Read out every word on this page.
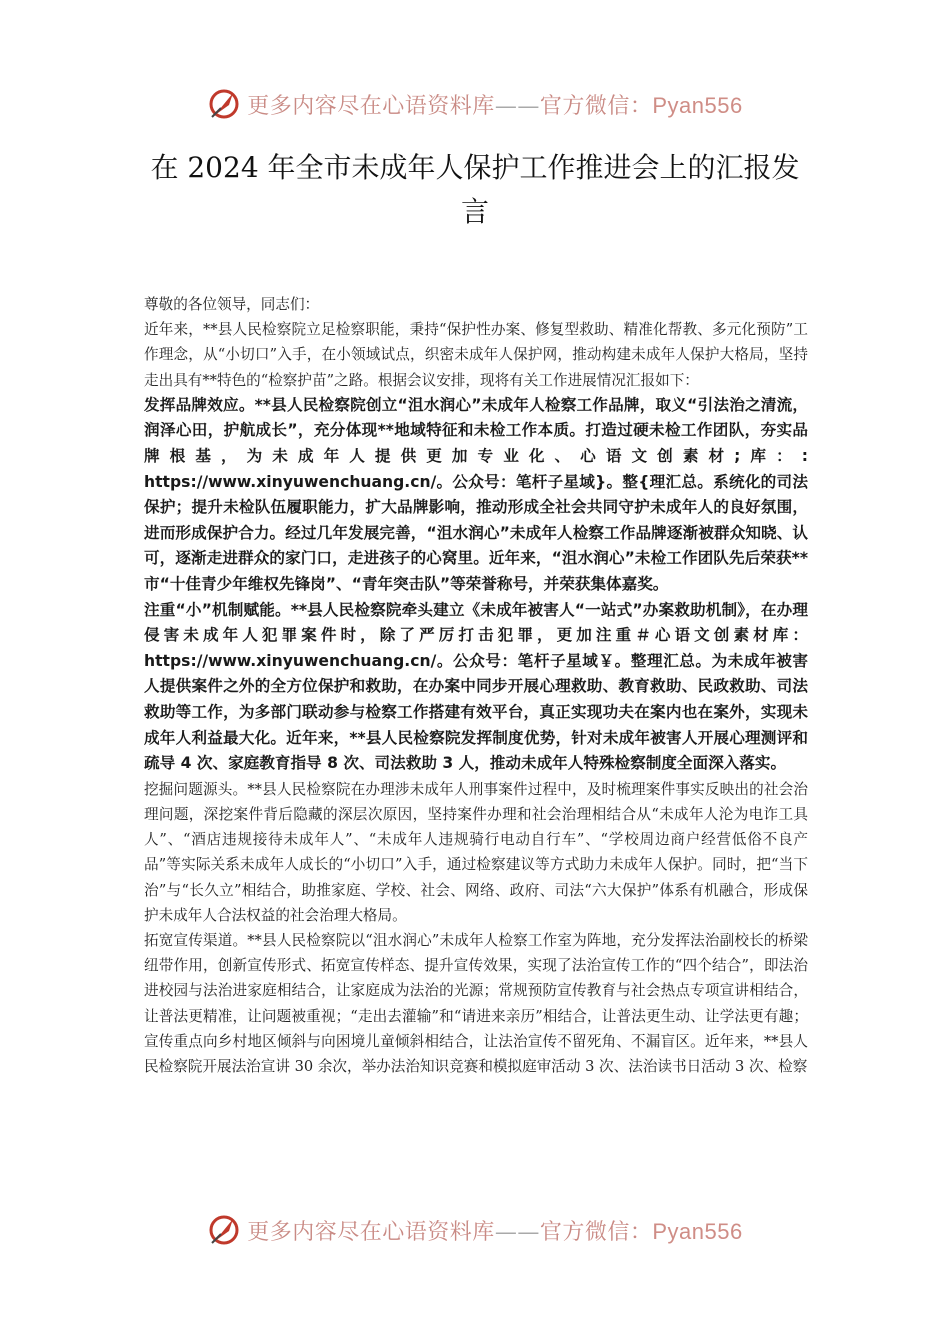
更多内容尽在心语资料库——官方微信：Pyan556
在 2024 年全市未成年人保护工作推进会上的汇报发言

尊敬的各位领导，同志们：

近年来，**县人民检察院立足检察职能，秉持“保护性办案、修复型救助、精准化帮教、多元化预防”工作理念，从“小切口”入手，在小领域试点，织密未成年人保护网，推动构建未成年人保护大格局，坚持走出具有**特色的“检察护苗”之路。根据会议安排，现将有关工作进展情况汇报如下：

发挥品牌效应。**县人民检察院创立“沮水润心”未成年人检察工作品牌，取义“引法治之清流，润泽心田，护航成长”，充分体现**地域特征和未检工作本质。打造过硬未检工作团队，夯实品牌根基，为未成年人提供更加专业化、心语文创素材;库：: https://www.xinyuwenchuang.cn/。公众号：笔杆子星域}。整{理汇总。系统化的司法保护；提升未检队伍履职能力，扩大品牌影响，推动形成全社会共同守护未成年人的良好氛围，进而形成保护合力。经过几年发展完善，“沮水润心”未成年人检察工作品牌逐渐被群众知晓、认可，逐渐走进群众的家门口，走进孩子的心窝里。近年来，“沮水润心”未检工作团队先后荣获**市“十佳青少年维权先锋岗”、“青年突击队”等荣誉称号，并荣获集体嘉奖。

注重“小”机制赋能。**县人民检察院牵头建立《未成年被害人“一站式”办案救助机制》，在办理侵害未成年人犯罪案件时，除了严厉打击犯罪，更加注重＃心语文创素材库：https://www.xinyuwenchuang.cn/。公众号：笔杆子星域￥。整理汇总。为未成年被害人提供案件之外的全方位保护和救助，在办案中同步开展心理救助、教育救助、民政救助、司法救助等工作，为多部门联动参与检察工作搭建有效平台，真正实现功夫在案内也在案外，实现未成年人利益最大化。近年来，**县人民检察院发挥制度优势，针对未成年被害人开展心理测评和疏导 4 次、家庭教育指导 8 次、司法救助 3 人，推动未成年人特殊检察制度全面深入落实。

挖掘问题源头。**县人民检察院在办理涉未成年人刑事案件过程中，及时梳理案件事实反映出的社会治理问题，深挖案件背后隐藏的深层次原因，坚持案件办理和社会治理相结合从“未成年人沦为电诈工具人”、“酒店违规接待未成年人”、“未成年人违规骑行电动自行车”、“学校周边商户经营低俗不良产品”等实际关系未成年人成长的“小切口”入手，通过检察建议等方式助力未成年人保护。同时，把“当下治”与“长久立”相结合，助推家庭、学校、社会、网络、政府、司法“六大保护”体系有机融合，形成保护未成年人合法权益的社会治理大格局。

拓宽宣传渠道。**县人民检察院以“沮水润心”未成年人检察工作室为阵地，充分发挥法治副校长的桥梁纽带作用，创新宣传形式、拓宽宣传样态、提升宣传效果，实现了法治宣传工作的“四个结合”，即法治进校园与法治进家庭相结合，让家庭成为法治的光源；常规预防宣传教育与社会热点专项宣讲相结合，让普法更精准，让问题被重视；“走出去灌输”和“请进来亲历”相结合，让普法更生动、让学法更有趣；宣传重点向乡村地区倾斜与向困境儿童倾斜相结合，让法治宣传不留死角、不漏盲区。近年来，**县人民检察院开展法治宣讲 30 余次，举办法治知识竞赛和模拟庭审活动 3 次、法治读书日活动 3 次、检察

更多内容尽在心语资料库——官方微信：Pyan556
